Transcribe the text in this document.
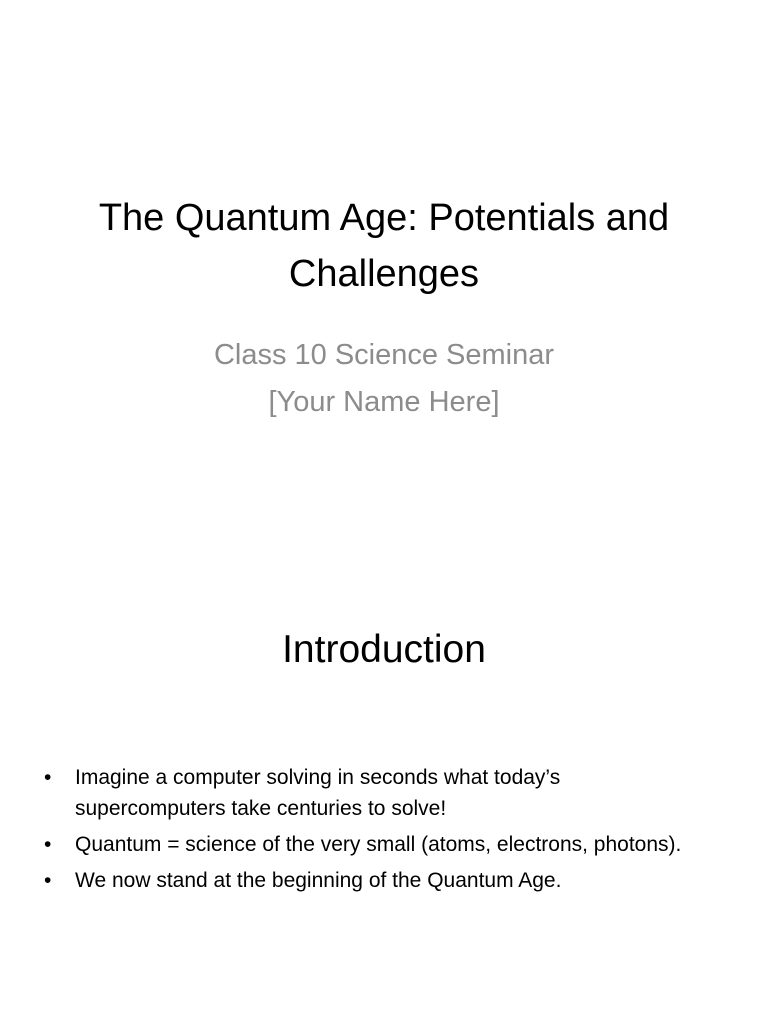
The Quantum Age: Potentials and Challenges
Class 10 Science Seminar
[Your Name Here]
Introduction
•	Imagine a computer solving in seconds what today’s supercomputers take centuries to solve!
•	Quantum = science of the very small (atoms, electrons, photons).
•	We now stand at the beginning of the Quantum Age.
